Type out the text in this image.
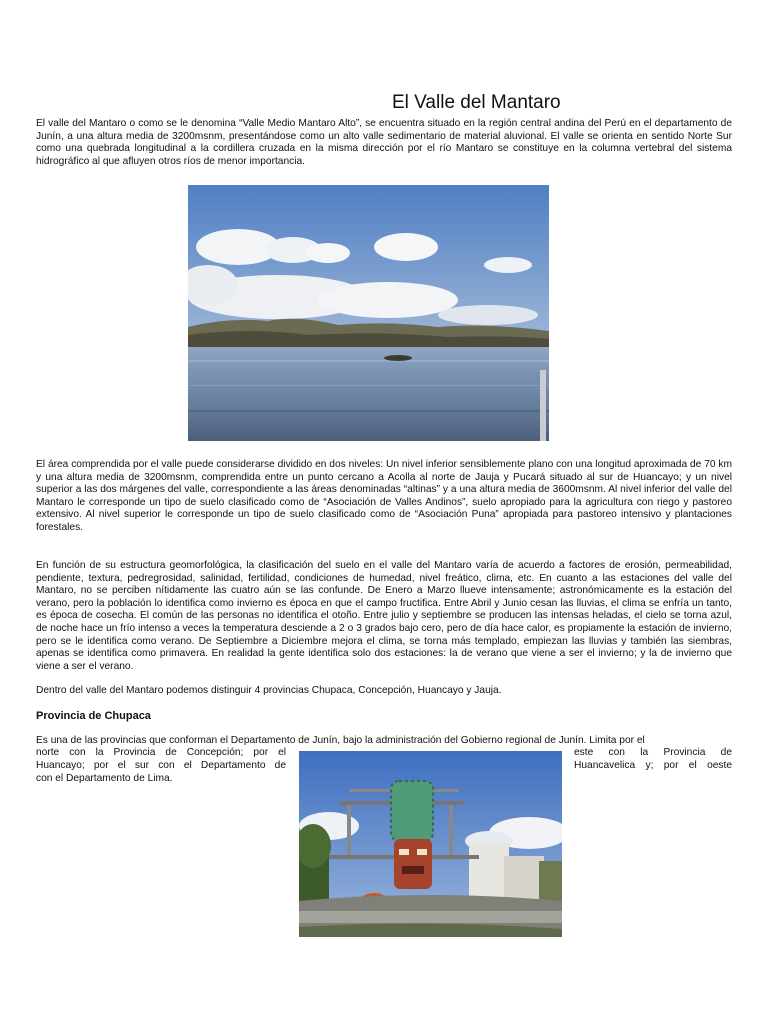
El Valle del Mantaro

El valle del Mantaro o como se le denomina “Valle Medio Mantaro Alto”, se encuentra situado en la región central andina del Perú en el departamento de Junín, a una altura media de 3200msnm, presentándose como un alto valle sedimentario de material aluvional. El valle se orienta en sentido Norte Sur como una quebrada longitudinal a la cordillera cruzada en la misma dirección por el río Mantaro se constituye en la columna vertebral del sistema hidrográfico al que afluyen otros ríos de menor importancia.

El área comprendida por el valle puede considerarse dividido en dos niveles: Un nivel inferior sensiblemente plano con una longitud aproximada de 70 km y una altura media de 3200msnm, comprendida entre un punto cercano a Acolla al norte de Jauja y Pucará situado al sur de Huancayo; y un nivel superior a las dos márgenes del valle, correspondiente a las áreas denominadas “altinas” y a una altura media de 3600msnm. Al nivel inferior del valle del Mantaro le corresponde un tipo de suelo clasificado como de “Asociación de Valles Andinos”, suelo apropiado para la agricultura con riego y pastoreo extensivo. Al nivel superior le corresponde un tipo de suelo clasificado como de “Asociación Puna” apropiada para pastoreo intensivo y plantaciones forestales.

En función de su estructura geomorfológica, la clasificación del suelo en el valle del Mantaro varía de acuerdo a factores de erosión, permeabilidad, pendiente, textura, pedregrosidad, salinidad, fertilidad, condiciones de humedad, nivel freático, clima, etc. En cuanto a las estaciones del valle del Mantaro, no se perciben nítidamente las cuatro aún se las confunde. De Enero a Marzo llueve intensamente; astronómicamente es la estación del verano, pero la población lo identifica como invierno es época en que el campo fructifica. Entre Abril y Junio cesan las lluvias, el clima se enfría un tanto, es época de cosecha. El común de las personas no identifica el otoño. Entre julio y septiembre se producen las intensas heladas, el cielo se torna azul, de noche hace un frío intenso a veces la temperatura desciende a 2 o 3 grados bajo cero, pero de día hace calor, es propiamente la estación de invierno, pero se le identifica como verano. De Septiembre a Diciembre mejora el clima, se torna más templado, empiezan las lluvias y también las siembras, apenas se identifica como primavera. En realidad la gente identifica solo dos estaciones: la de verano que viene a ser el invierno; y la de invierno que viene a ser el verano.

Dentro del valle del Mantaro podemos distinguir 4 provincias Chupaca, Concepción, Huancayo y Jauja.

Provincia de Chupaca
Es una de las provincias que conforman el Departamento de Junín, bajo la administración del Gobierno regional de Junín. Limita por el
norte con la Provincia de Concepción; por el	este con la Provincia de
Huancayo; por el sur con el Departamento de	Huancavelica y; por el oeste
con el Departamento de Lima.
